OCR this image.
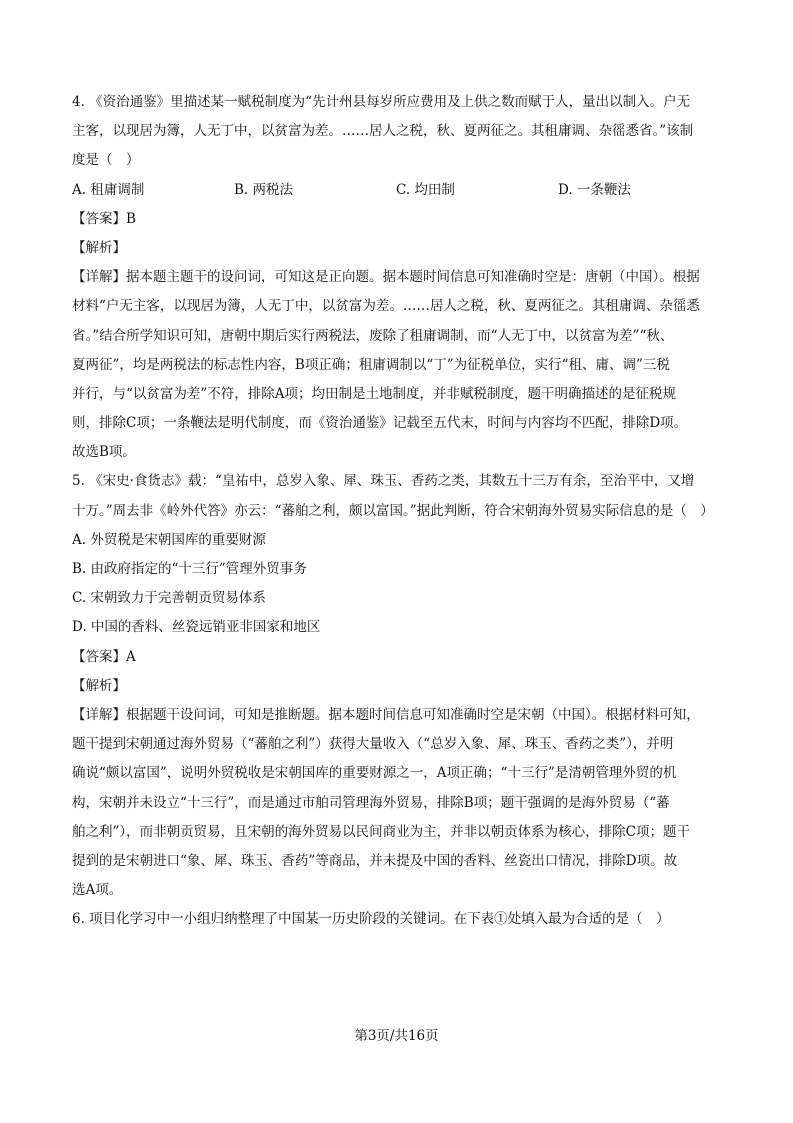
4. 《资治通鉴》里描述某一赋税制度为“先计州县每岁所应费用及上供之数而赋于人，量出以制入。户无
主客，以现居为簿，人无丁中，以贫富为差。……居人之税，秋、夏两征之。其租庸调、杂徭悉省。”该制
度是（　）
A. 租庸调制	B. 两税法	C. 均田制	D. 一条鞭法
【答案】B
【解析】
【详解】据本题主题干的设问词，可知这是正向题。据本题时间信息可知准确时空是：唐朝（中国）。根据
材料“户无主客，以现居为簿，人无丁中，以贫富为差。……居人之税，秋、夏两征之。其租庸调、杂徭悉
省。”结合所学知识可知，唐朝中期后实行两税法，废除了租庸调制，而“人无丁中，以贫富为差”“秋、
夏两征”，均是两税法的标志性内容，B项正确；租庸调制以“丁”为征税单位，实行“租、庸、调”三税
并行，与“以贫富为差”不符，排除A项；均田制是土地制度，并非赋税制度，题干明确描述的是征税规
则，排除C项；一条鞭法是明代制度，而《资治通鉴》记载至五代末，时间与内容均不匹配，排除D项。
故选B项。
5. 《宋史·食货志》载：“皇祐中，总岁入象、犀、珠玉、香药之类，其数五十三万有余，至治平中，又增
十万。”周去非《岭外代答》亦云：“蕃舶之利，颇以富国。”据此判断，符合宋朝海外贸易实际信息的是（　）
A. 外贸税是宋朝国库的重要财源
B. 由政府指定的“十三行”管理外贸事务
C. 宋朝致力于完善朝贡贸易体系
D. 中国的香料、丝瓷远销亚非国家和地区
【答案】A
【解析】
【详解】根据题干设问词，可知是推断题。据本题时间信息可知准确时空是宋朝（中国）。根据材料可知，
题干提到宋朝通过海外贸易（“蕃舶之利”）获得大量收入（“总岁入象、犀、珠玉、香药之类”），并明
确说“颇以富国”，说明外贸税收是宋朝国库的重要财源之一，A项正确；“十三行”是清朝管理外贸的机
构，宋朝并未设立“十三行”，而是通过市舶司管理海外贸易，排除B项；题干强调的是海外贸易（“蕃
舶之利”），而非朝贡贸易，且宋朝的海外贸易以民间商业为主，并非以朝贡体系为核心，排除C项；题干
提到的是宋朝进口“象、犀、珠玉、香药”等商品，并未提及中国的香料、丝瓷出口情况，排除D项。故
选A项。
6. 项目化学习中一小组归纳整理了中国某一历史阶段的关键词。在下表①处填入最为合适的是（　）
第3页/共16页
